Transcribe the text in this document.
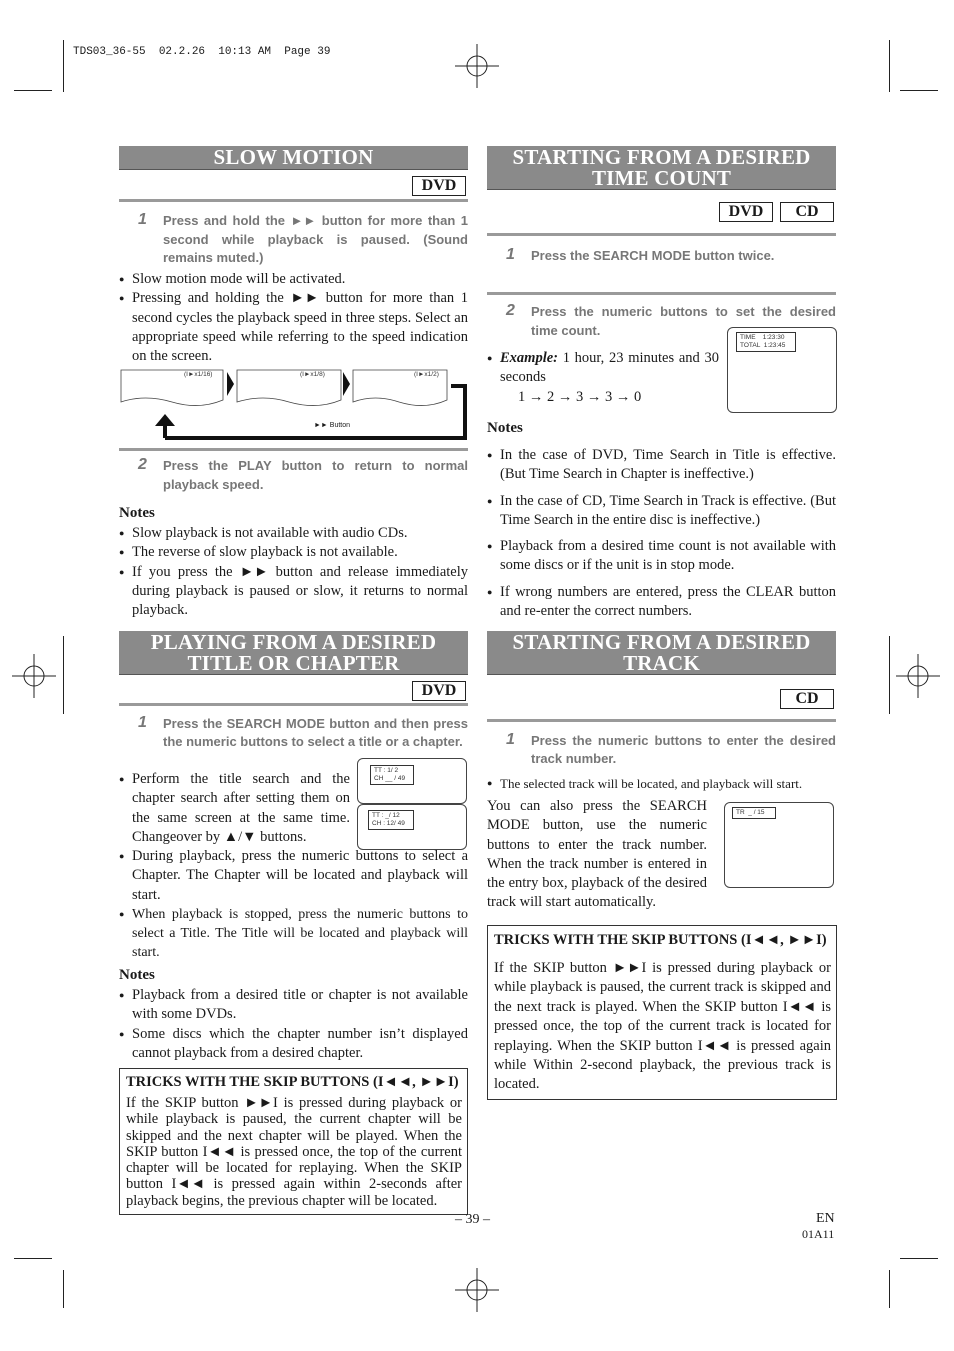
TDS03_36-55  02.2.26  10:13 AM  Page 39
SLOW MOTION
DVD
1 Press and hold the ►► button for more than 1 second while playback is paused. (Sound remains muted.)

● Slow motion mode will be activated.

● Pressing and holding the ►► button for more than 1 second cycles the playback speed in three steps. Select an appropriate speed while referring to the speed indication on the screen.

(I►x1/16)	(I►x1/8)	(I►x1/2)
►► Button
2 Press the PLAY button to return to normal playback speed.
Notes

● Slow playback is not available with audio CDs.

● The reverse of slow playback is not available.

● If you press the ►► button and release immediately during playback is paused or slow, it returns to normal playback.

PLAYING FROM A DESIRED
TITLE OR CHAPTER
DVD
1 Press the SEARCH MODE button and then press the numeric buttons to select a title or a chapter.
TT : 1/ 2
CH __ / 49
TT : _/ 12
CH : 12/ 49

● Perform the title search and the chapter search after setting them on the same screen at the same time. Changeover by ▲/▼ buttons.

● During playback, press the numeric buttons to select a Chapter. The Chapter will be located and playback will start.

● When playback is stopped, press the numeric buttons to select a Title. The Title will be located and playback will start.

Notes

● Playback from a desired title or chapter is not available with some DVDs.

● Some discs which the chapter number isn’t displayed cannot playback from a desired chapter.

TRICKS WITH THE SKIP BUTTONS (I◄◄, ►►I)
If the SKIP button ►►I is pressed during playback or while playback is paused, the current chapter will be skipped and the next chapter will be played. When the SKIP button I◄◄ is pressed once, the top of the current chapter will be located for replaying. When the SKIP button I◄◄ is pressed again within 2-seconds after playback begins, the previous chapter will be located.
STARTING FROM A DESIRED
TIME COUNT
DVD	CD
1 Press the SEARCH MODE button twice.
2 Press the numeric buttons to set the desired time count.	TIME    1:23:30
TOTAL  1:23:45

● Example: 1 hour, 23 minutes and 30 seconds

1 → 2 → 3 → 3 → 0
Notes

● In the case of DVD, Time Search in Title is effective. (But Time Search in Chapter is ineffective.)

● In the case of CD, Time Search in Track is effective. (But Time Search in the entire disc is ineffective.)

● Playback from a desired time count is not available with some discs or if the unit is in stop mode.

● If wrong numbers are entered, press the CLEAR button and re-enter the correct numbers.

STARTING FROM A DESIRED
TRACK
CD
1 Press the numeric buttons to enter the desired track number.

● The selected track will be located, and playback will start.

You can also press the SEARCH MODE button, use the numeric buttons to enter the track number. When the track number is entered in the entry box, playback of the desired track will start automatically.
TR  _ / 15
TRICKS WITH THE SKIP BUTTONS (I◄◄, ►►I)
If the SKIP button ►►I is pressed during playback or while playback is paused, the current track is skipped and the next track is played. When the SKIP button I◄◄ is pressed once, the top of the current track is located for replaying. When the SKIP button I◄◄ is pressed again while Within 2-second playback, the previous track is located.
– 39 –	EN
01A11
